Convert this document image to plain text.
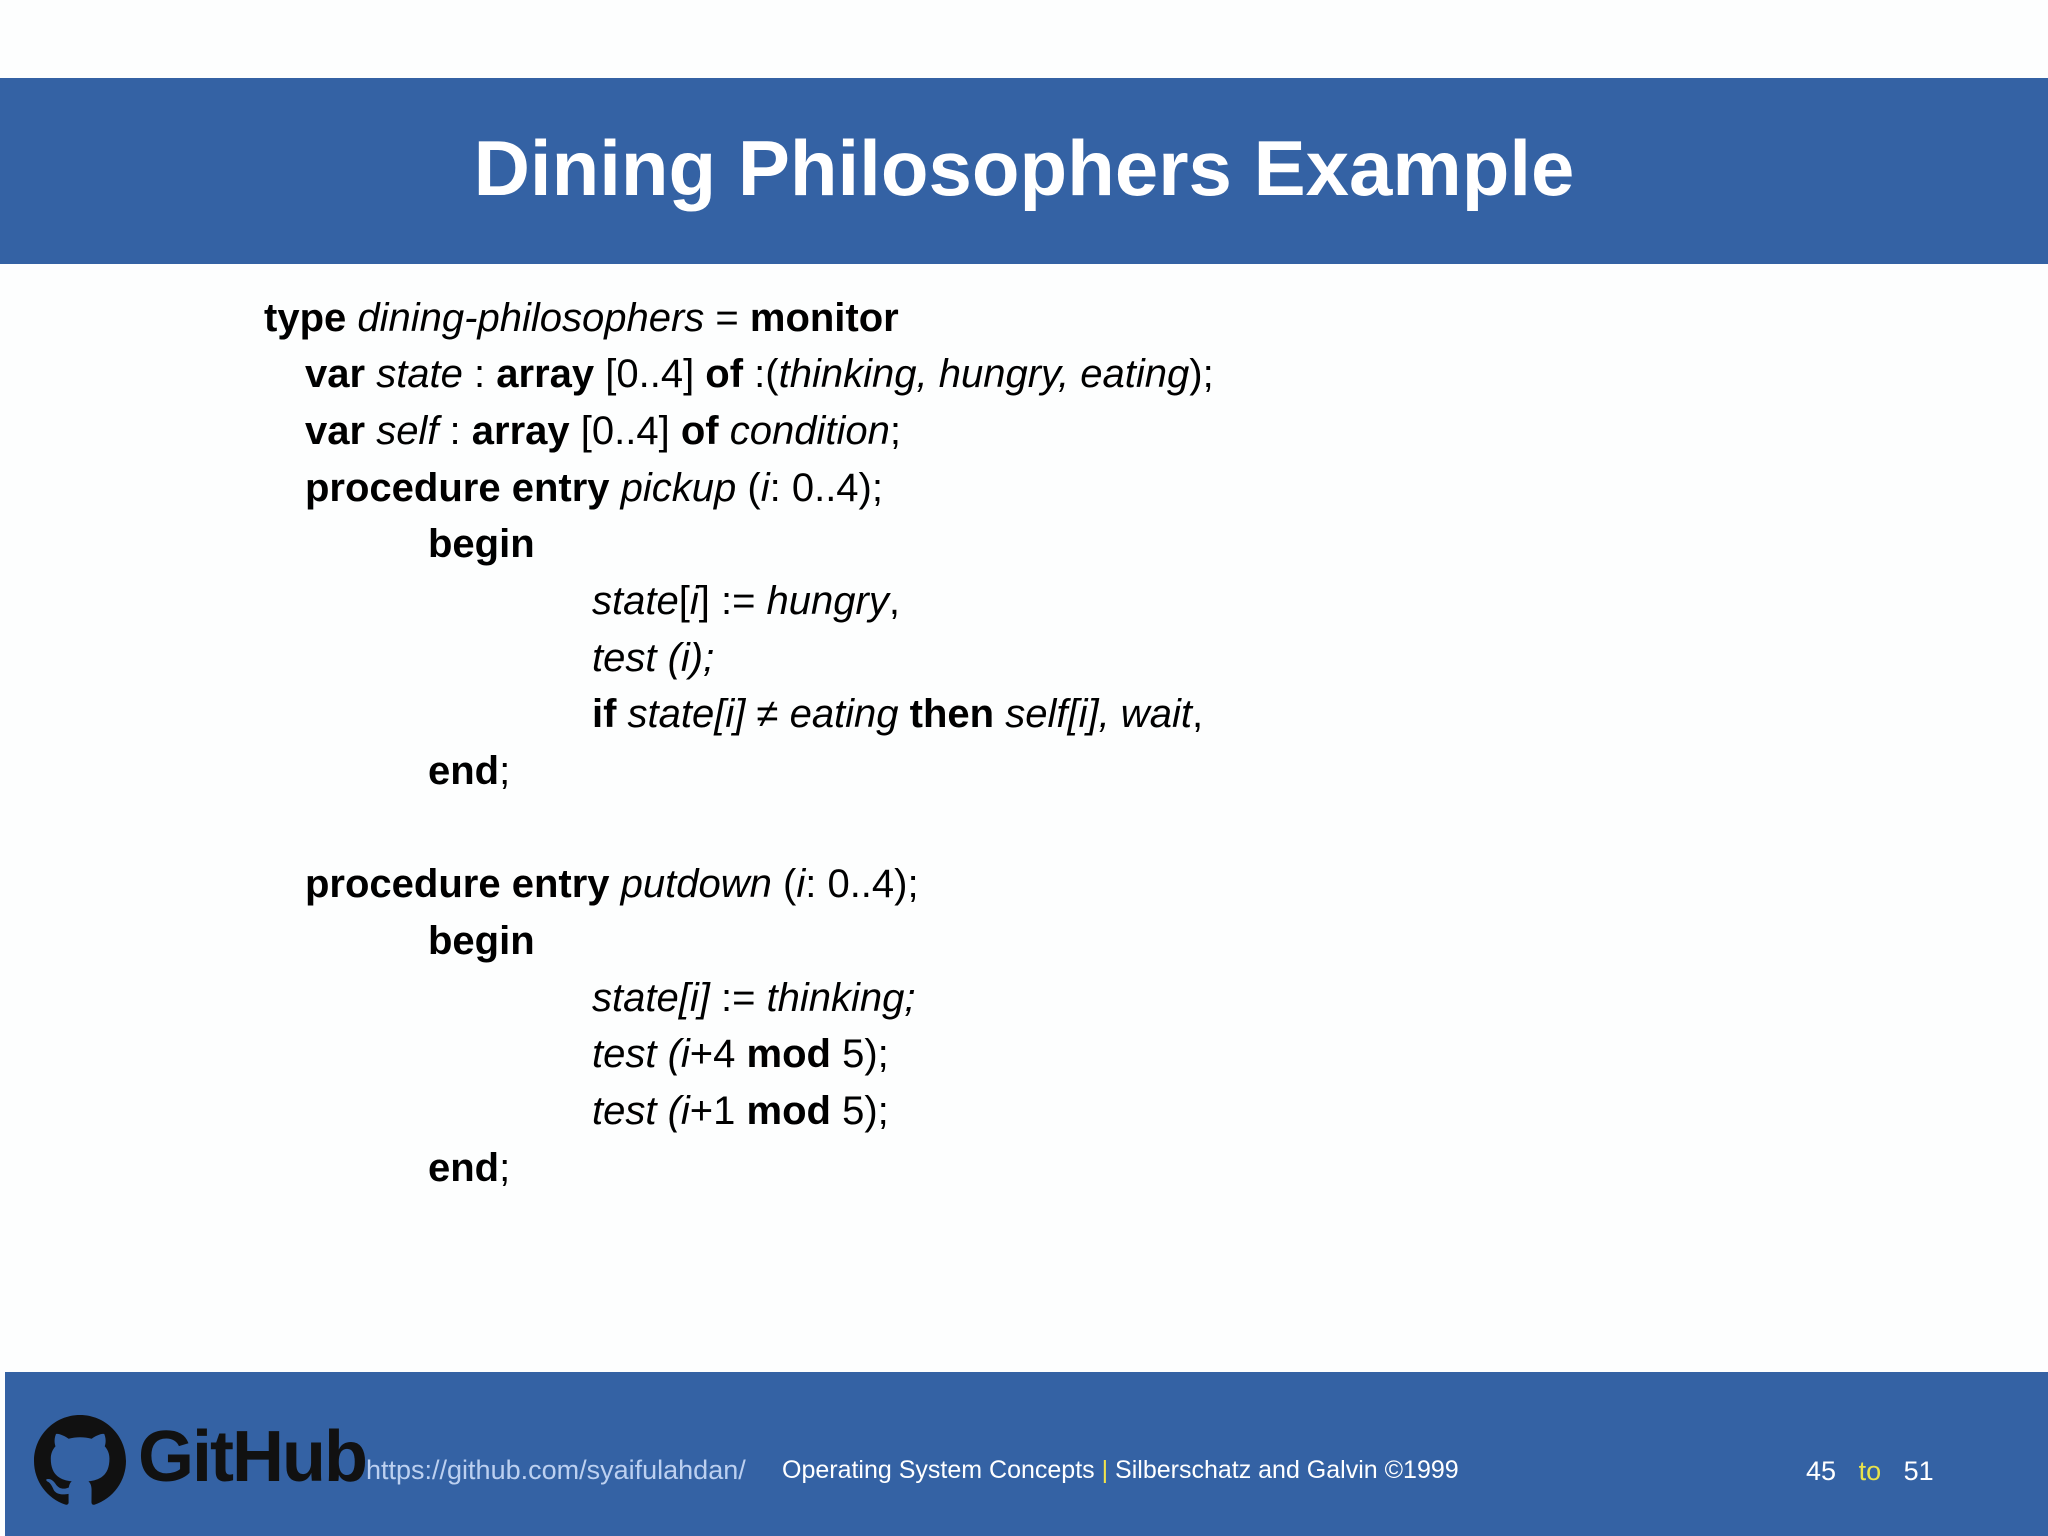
Dining Philosophers Example
type dining-philosophers = monitor
var state : array [0..4] of :(thinking, hungry, eating);
var self : array [0..4] of condition;
procedure entry pickup (i: 0..4);
begin
state[i] := hungry,
test (i);
if state[i] ≠ eating then self[i], wait,
end;
procedure entry putdown (i: 0..4);
begin
state[i] := thinking;
test (i+4 mod 5);
test (i+1 mod 5);
end;
GitHub https://github.com/syaifulahdan/ Operating System Concepts | Silberschatz and Galvin ©1999	45 to 51
